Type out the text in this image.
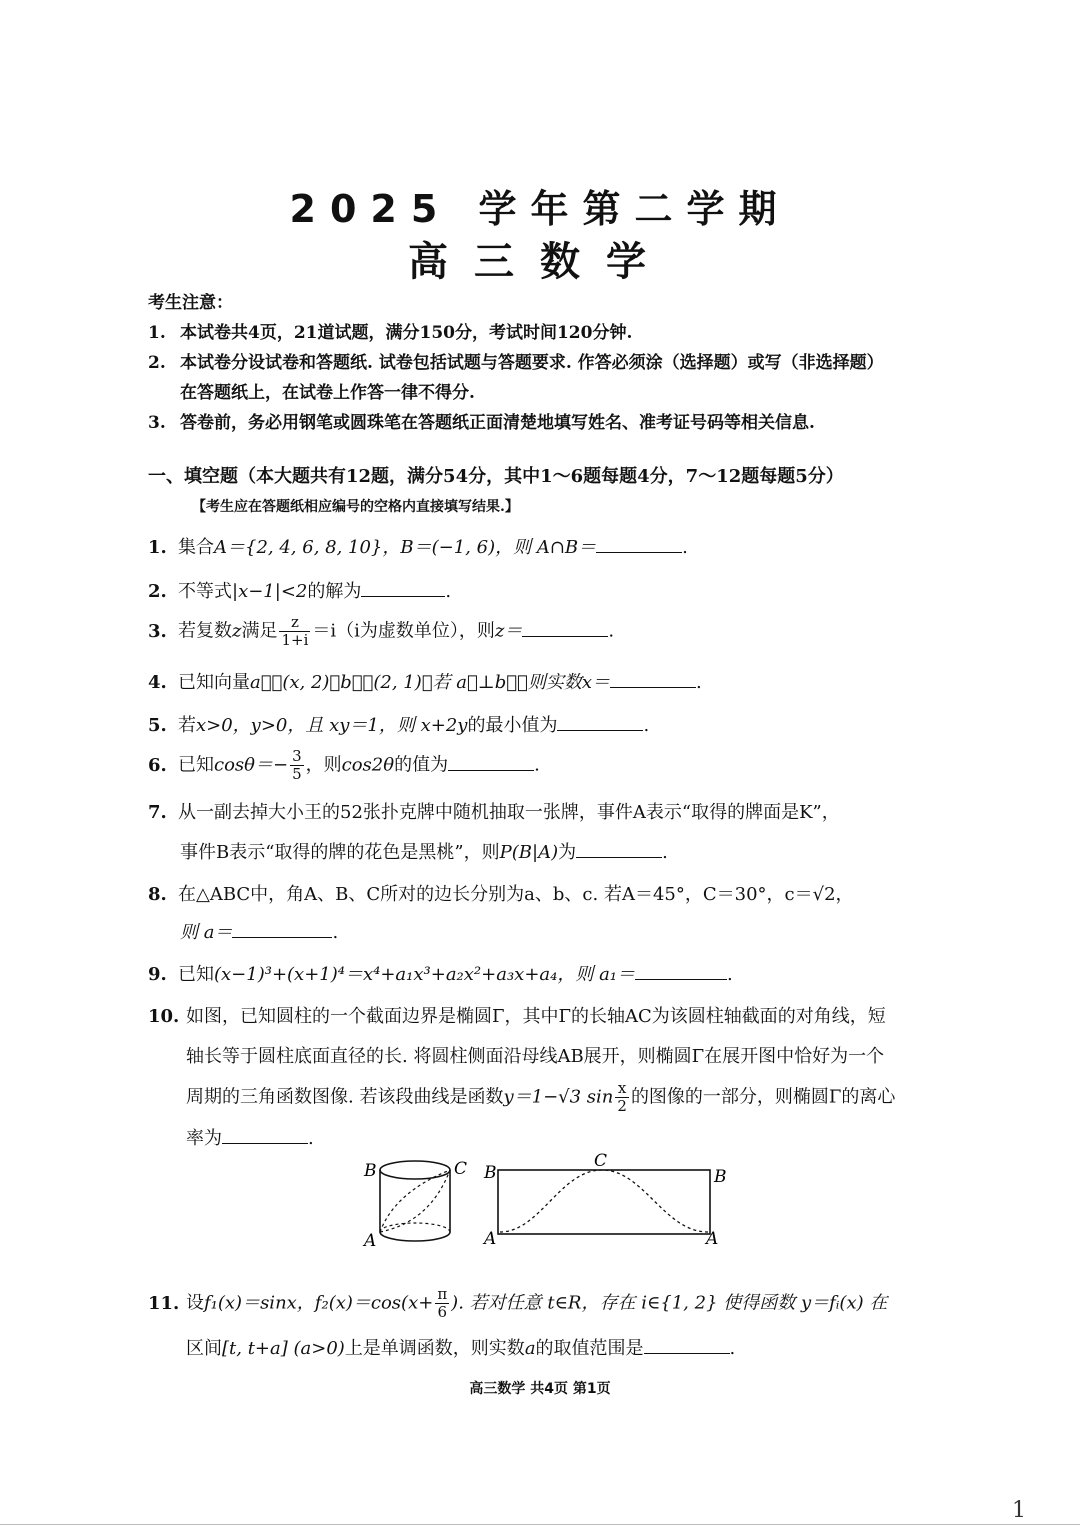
2025 学年第二学期
高三数学
考生注意：
1. 本试卷共4页，21道试题，满分150分，考试时间120分钟.
2. 本试卷分设试卷和答题纸. 试卷包括试题与答题要求. 作答必须涂（选择题）或写（非选择题）
在答题纸上，在试卷上作答一律不得分.
3. 答卷前，务必用钢笔或圆珠笔在答题纸正面清楚地填写姓名、准考证号码等相关信息.
一、填空题（本大题共有12题，满分54分，其中1～6题每题4分，7～12题每题5分）
【考生应在答题纸相应编号的空格内直接填写结果.】
1. 集合A＝{2, 4, 6, 8, 10}，B＝(−1, 6)，则 A∩B＝	.
2. 不等式|x−1|<2的解为	.
3. 若复数z满足 $\frac{z}{1+i} =i(i$为虚数单位），则z＝	.
4. 已知向量a⃗＝(x, 2)，b⃗＝(2, 1)，若 a⃗⊥b⃗，则实数x＝	.
5. 若x>0，y>0，且 xy＝1，则 x+2y的最小值为	.
6. 已知$\cos\theta=- \frac{3}{5}$ ，则cos2θ的值为	.
7. 从一副去掉大小王的52张扑克牌中随机抽取一张牌，事件A表示“取得的牌面是K”，
事件B表示“取得的牌的花色是黑桃”，则P(B|A)为	.
8. 在△ABC中，角A、B、C所对的边长分别为a、b、c. 若A＝45°，C＝30°，c＝√2，
则 a＝	.
9. 已知(x−1)³+(x+1)⁴＝x⁴+a₁x³+a₂x²+a₃x+a₄，则 a₁＝	.
10. 如图，已知圆柱的一个截面边界是椭圆Γ，其中Γ的长轴AC为该圆柱轴截面的对角线，短
轴长等于圆柱底面直径的长. 将圆柱侧面沿母线AB展开，则椭圆Γ在展开图中恰好为一个
周期的三角函数图像. 若该段曲线是函数y＝1−√3 $\sin \frac{x}{2}$ 的图像的一部分，则椭圆Γ的离心
率为	.
B	C
A
B
C
B
A	A
11. 设f₁(x)＝sinx，$f_2(x)=\cos(x+ \frac{\pi}{6}$ ). 若对任意 t∈R，存在 i∈{1, 2} 使得函数 y＝fᵢ(x) 在
区间[t, t+a] (a>0)上是单调函数，则实数a的取值范围是	.
高三数学 共4页 第1页
1
